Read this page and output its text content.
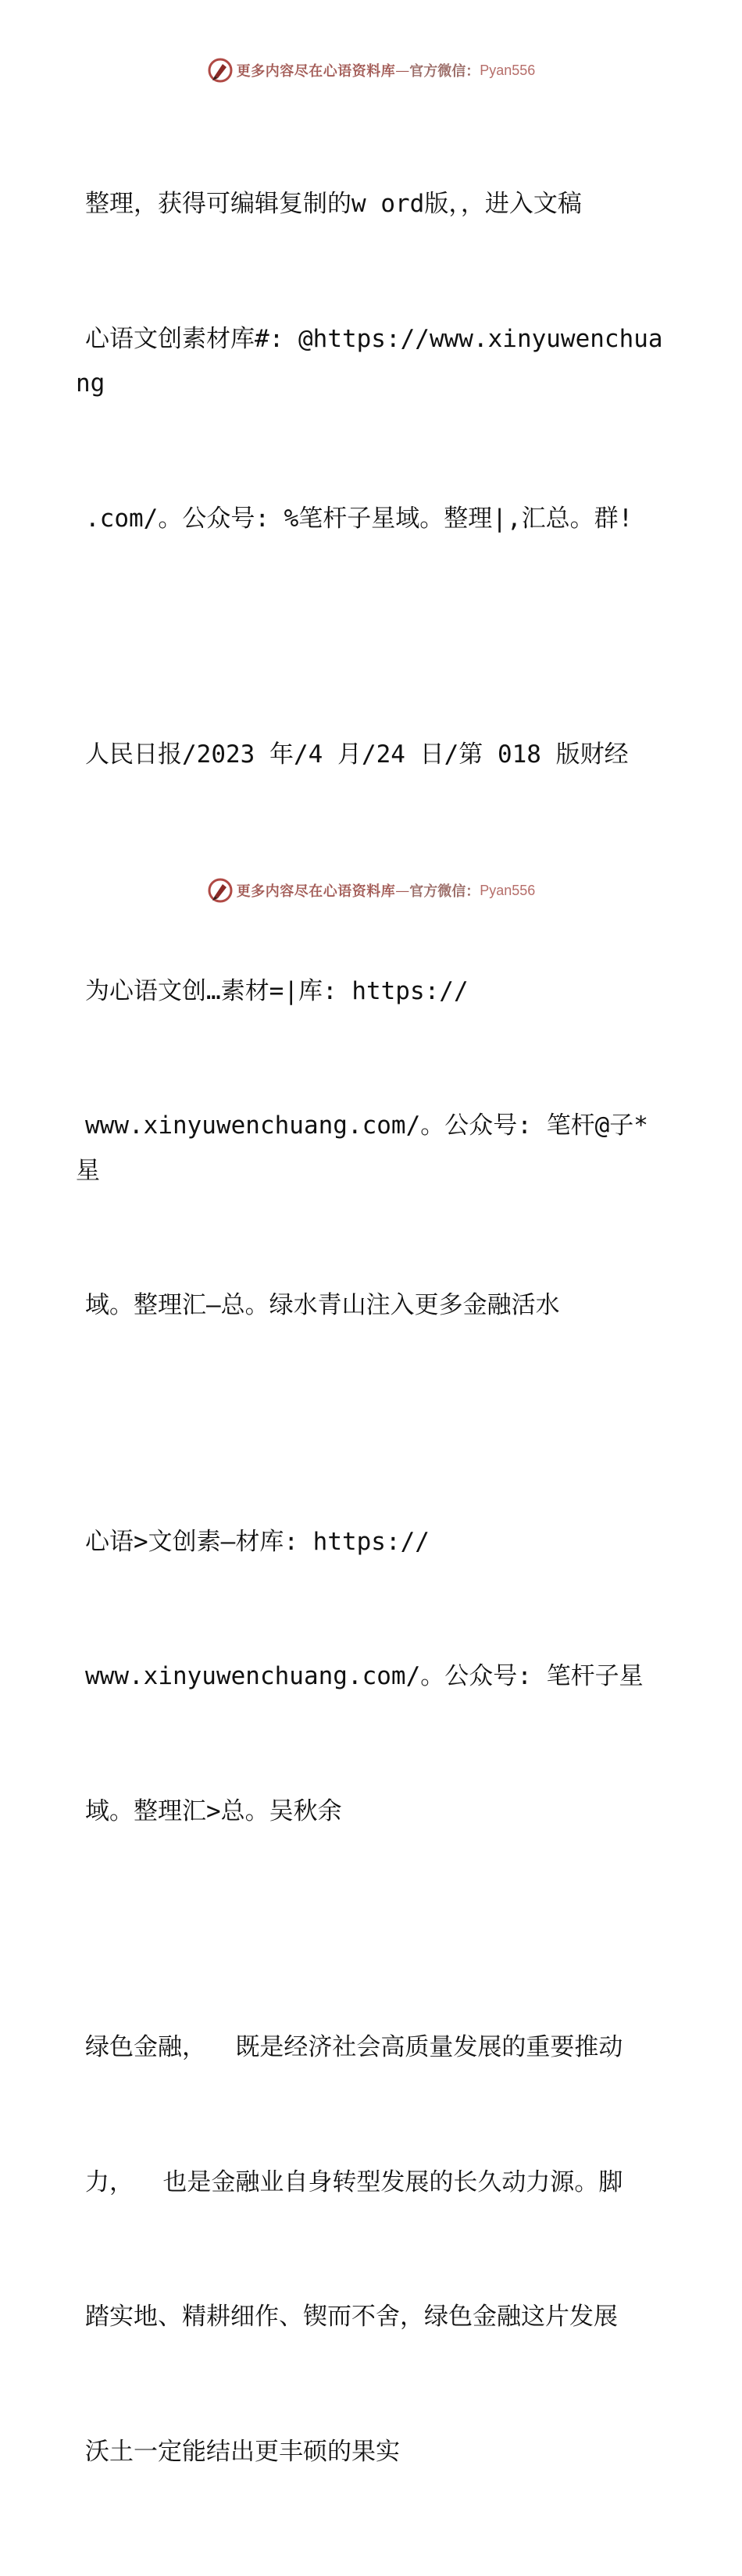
更多内容尽在心语资料库 — 官方微信： Pyan556

整理，获得可编辑复制的w ord版，，进入文稿

心语文创素材库#: @https://www.xinyuwenchuang

.com/。公众号: %笔杆子星域。整理|,汇总。群!

人民日报/2023 年/4 月/24 日/第 018 版财经

为心语文创…素材=|库: https://

www.xinyuwenchuang.com/。公众号: 笔杆@子*星

域。整理汇—总。绿水青山注入更多金融活水

心语>文创素—材库: https://

www.xinyuwenchuang.com/。公众号: 笔杆子星

域。整理汇>总。吴秋余

绿色金融，  既是经济社会高质量发展的重要推动

力，  也是金融业自身转型发展的长久动力源。脚

踏实地、精耕细作、锲而不舍，绿色金融这片发展

沃土一定能结出更丰硕的果实

更多内容尽在心语资料库 — 官方微信： Pyan556
